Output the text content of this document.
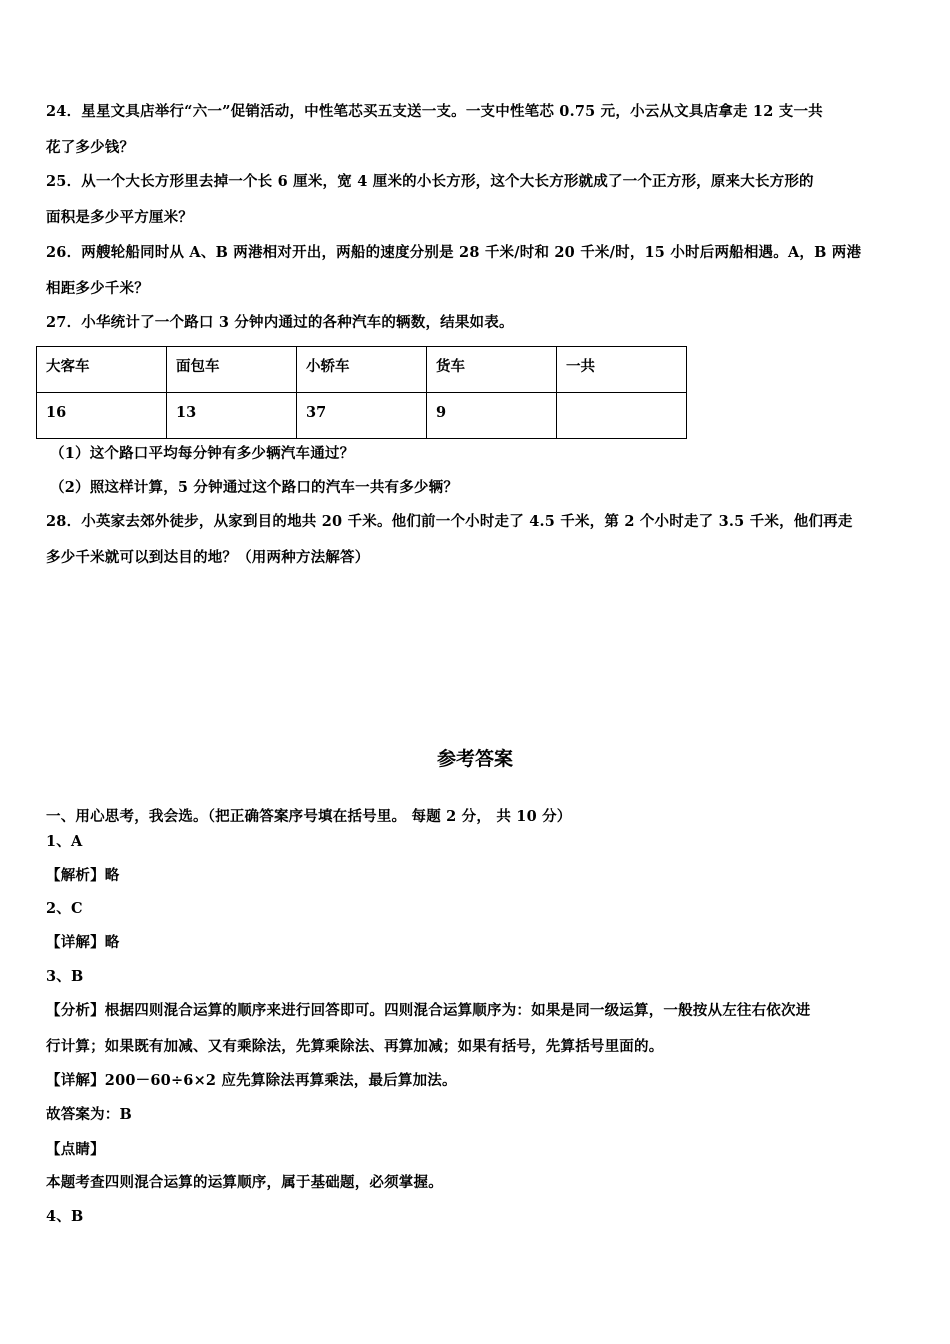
24．星星文具店举行“六一”促销活动，中性笔芯买五支送一支。一支中性笔芯 0.75 元，小云从文具店拿走 12 支一共
花了多少钱？
25．从一个大长方形里去掉一个长 6 厘米，宽 4 厘米的小长方形，这个大长方形就成了一个正方形，原来大长方形的
面积是多少平方厘米？
26．两艘轮船同时从 A、B 两港相对开出，两船的速度分别是 28 千米/时和 20 千米/时，15 小时后两船相遇。A，B 两港
相距多少千米？
27．小华统计了一个路口 3 分钟内通过的各种汽车的辆数，结果如表。
大客车	面包车	小轿车	货车	一共
16	13	37	9	
（1）这个路口平均每分钟有多少辆汽车通过？
（2）照这样计算，5 分钟通过这个路口的汽车一共有多少辆？
28．小英家去郊外徒步，从家到目的地共 20 千米。他们前一个小时走了 4.5 千米，第 2 个小时走了 3.5 千米，他们再走
多少千米就可以到达目的地？（用两种方法解答）
参考答案
一、用心思考，我会选。（把正确答案序号填在括号里。 每题 2 分， 共 10 分）
1、A
【解析】略
2、C
【详解】略
3、B
【分析】根据四则混合运算的顺序来进行回答即可。四则混合运算顺序为：如果是同一级运算，一般按从左往右依次进
行计算；如果既有加减、又有乘除法，先算乘除法、再算加减；如果有括号，先算括号里面的。
【详解】200－60÷6×2 应先算除法再算乘法，最后算加法。
故答案为：B
【点睛】
本题考查四则混合运算的运算顺序，属于基础题，必须掌握。
4、B
